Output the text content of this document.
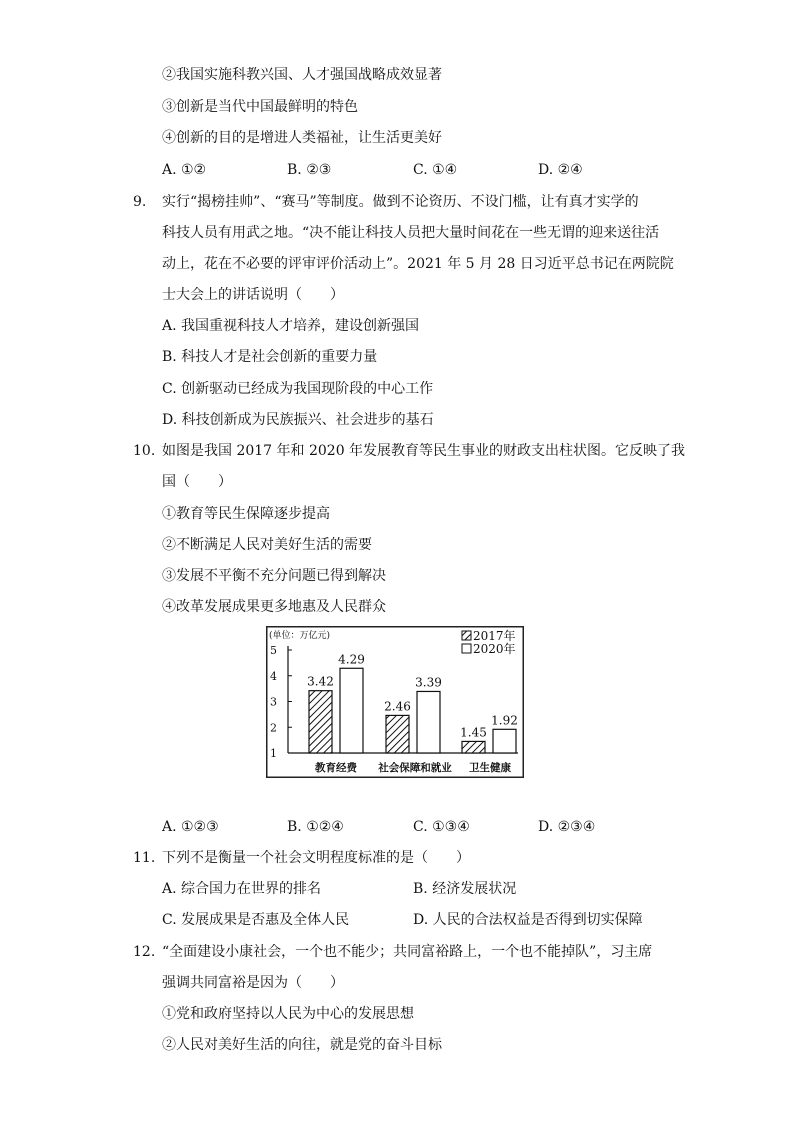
②我国实施科教兴国、人才强国战略成效显著
③创新是当代中国最鲜明的特色
④创新的目的是增进人类福祉，让生活更美好
A. ①②	B. ②③	C. ①④	D. ②④
9. 实行“揭榜挂帅”、“赛马”等制度。做到不论资历、不设门槛，让有真才实学的
科技人员有用武之地。“决不能让科技人员把大量时间花在一些无谓的迎来送往活
动上，花在不必要的评审评价活动上”。2021 年 5 月 28 日习近平总书记在两院院
士大会上的讲话说明（　　）
A. 我国重视科技人才培养，建设创新强国
B. 科技人才是社会创新的重要力量
C. 创新驱动已经成为我国现阶段的中心工作
D. 科技创新成为民族振兴、社会进步的基石
10. 如图是我国 2017 年和 2020 年发展教育等民生事业的财政支出柱状图。它反映了我
国（　　）
①教育等民生保障逐步提高
②不断满足人民对美好生活的需要
③发展不平衡不充分问题已得到解决
④改革发展成果更多地惠及人民群众
(单位：万亿元)	2017年
2020年
1
2
3
4
5
教育经费 社会保障和就业 卫生健康
3.42
4.29
2.46
3.39
1.45
1.92
A. ①②③	B. ①②④	C. ①③④	D. ②③④
11. 下列不是衡量一个社会文明程度标准的是（　　）
A. 综合国力在世界的排名	B. 经济发展状况
C. 发展成果是否惠及全体人民	D. 人民的合法权益是否得到切实保障
12. “全面建设小康社会，一个也不能少；共同富裕路上，一个也不能掉队”，习主席
强调共同富裕是因为（　　）
①党和政府坚持以人民为中心的发展思想
②人民对美好生活的向往，就是党的奋斗目标
